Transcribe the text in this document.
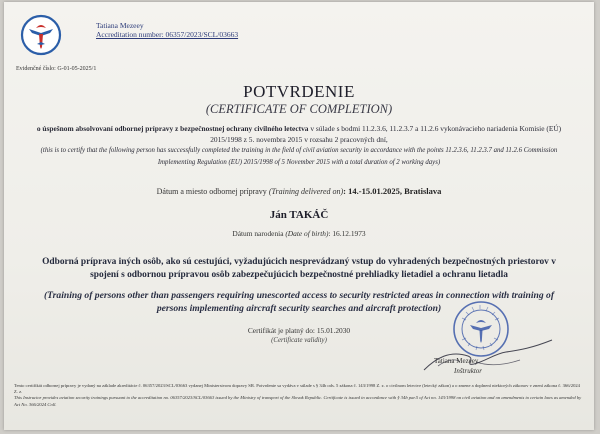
Tatiana Mezeey
Accreditation number: 06357/2023/SCL/03663
Evidenčné číslo: G-01-05-2025/1
POTVRDENIE
(CERTIFICATE OF COMPLETION)
o úspešnom absolvovaní odbornej prípravy z bezpečnostnej ochrany civilného letectva v súlade s bodmi 11.2.3.6, 11.2.3.7 a 11.2.6 vykonávacieho nariadenia Komisie (EÚ) 2015/1998 z 5. novembra 2015 v rozsahu 2 pracovných dní,
(this is to certify that the following person has successfully completed the training in the field of civil aviation security in accordance with the points 11.2.3.6, 11.2.3.7 and 11.2.6 Commission Implementing Regulation (EU) 2015/1998 of 5 November 2015 with a total duration of 2 working days)
Dátum a miesto odbornej prípravy (Training delivered on): 14.-15.01.2025, Bratislava
Ján TAKÁČ
Dátum narodenia (Date of birth): 16.12.1973
Odborná príprava iných osôb, ako sú cestujúci, vyžadujúcich nesprevádzaný vstup do vyhradených bezpečnostných priestorov v spojení s odbornou prípravou osôb zabezpečujúcich bezpečnostné prehliadky lietadiel a ochranu lietadla
(Training of persons other than passengers requiring unescorted access to security restricted areas in connection with training of persons implementing aircraft security searches and aircraft protection)
Certifikát je platný do: 15.01.2030
(Certificate validity)
Tatiana Mezeey
Inštruktor
Tento certifikát odbornej prípravy je vydaný na základe akreditácie č. 06357/2023/SCL/03663 vydanej Ministerstvom dopravy SR. Potvrdenie sa vydáva v súlade s § 34b ods. 5 zákona č. 143/1998 Z. z. o civilnom letectve (letecký zákon) a o zmene a doplnení niektorých zákonov v znení zákona č. 366/2024 Z. z.
This Instructor provides aviation security trainings pursuant to the accreditation no. 06357/2023/SCL/03663 issued by the Ministry of transport of the Slovak Republic. Certificate is issued in accordance with § 34b par.5 of Act no. 143/1998 on civil aviation and on amendments to certain laws as amended by Act No. 366/2024 Coll.
